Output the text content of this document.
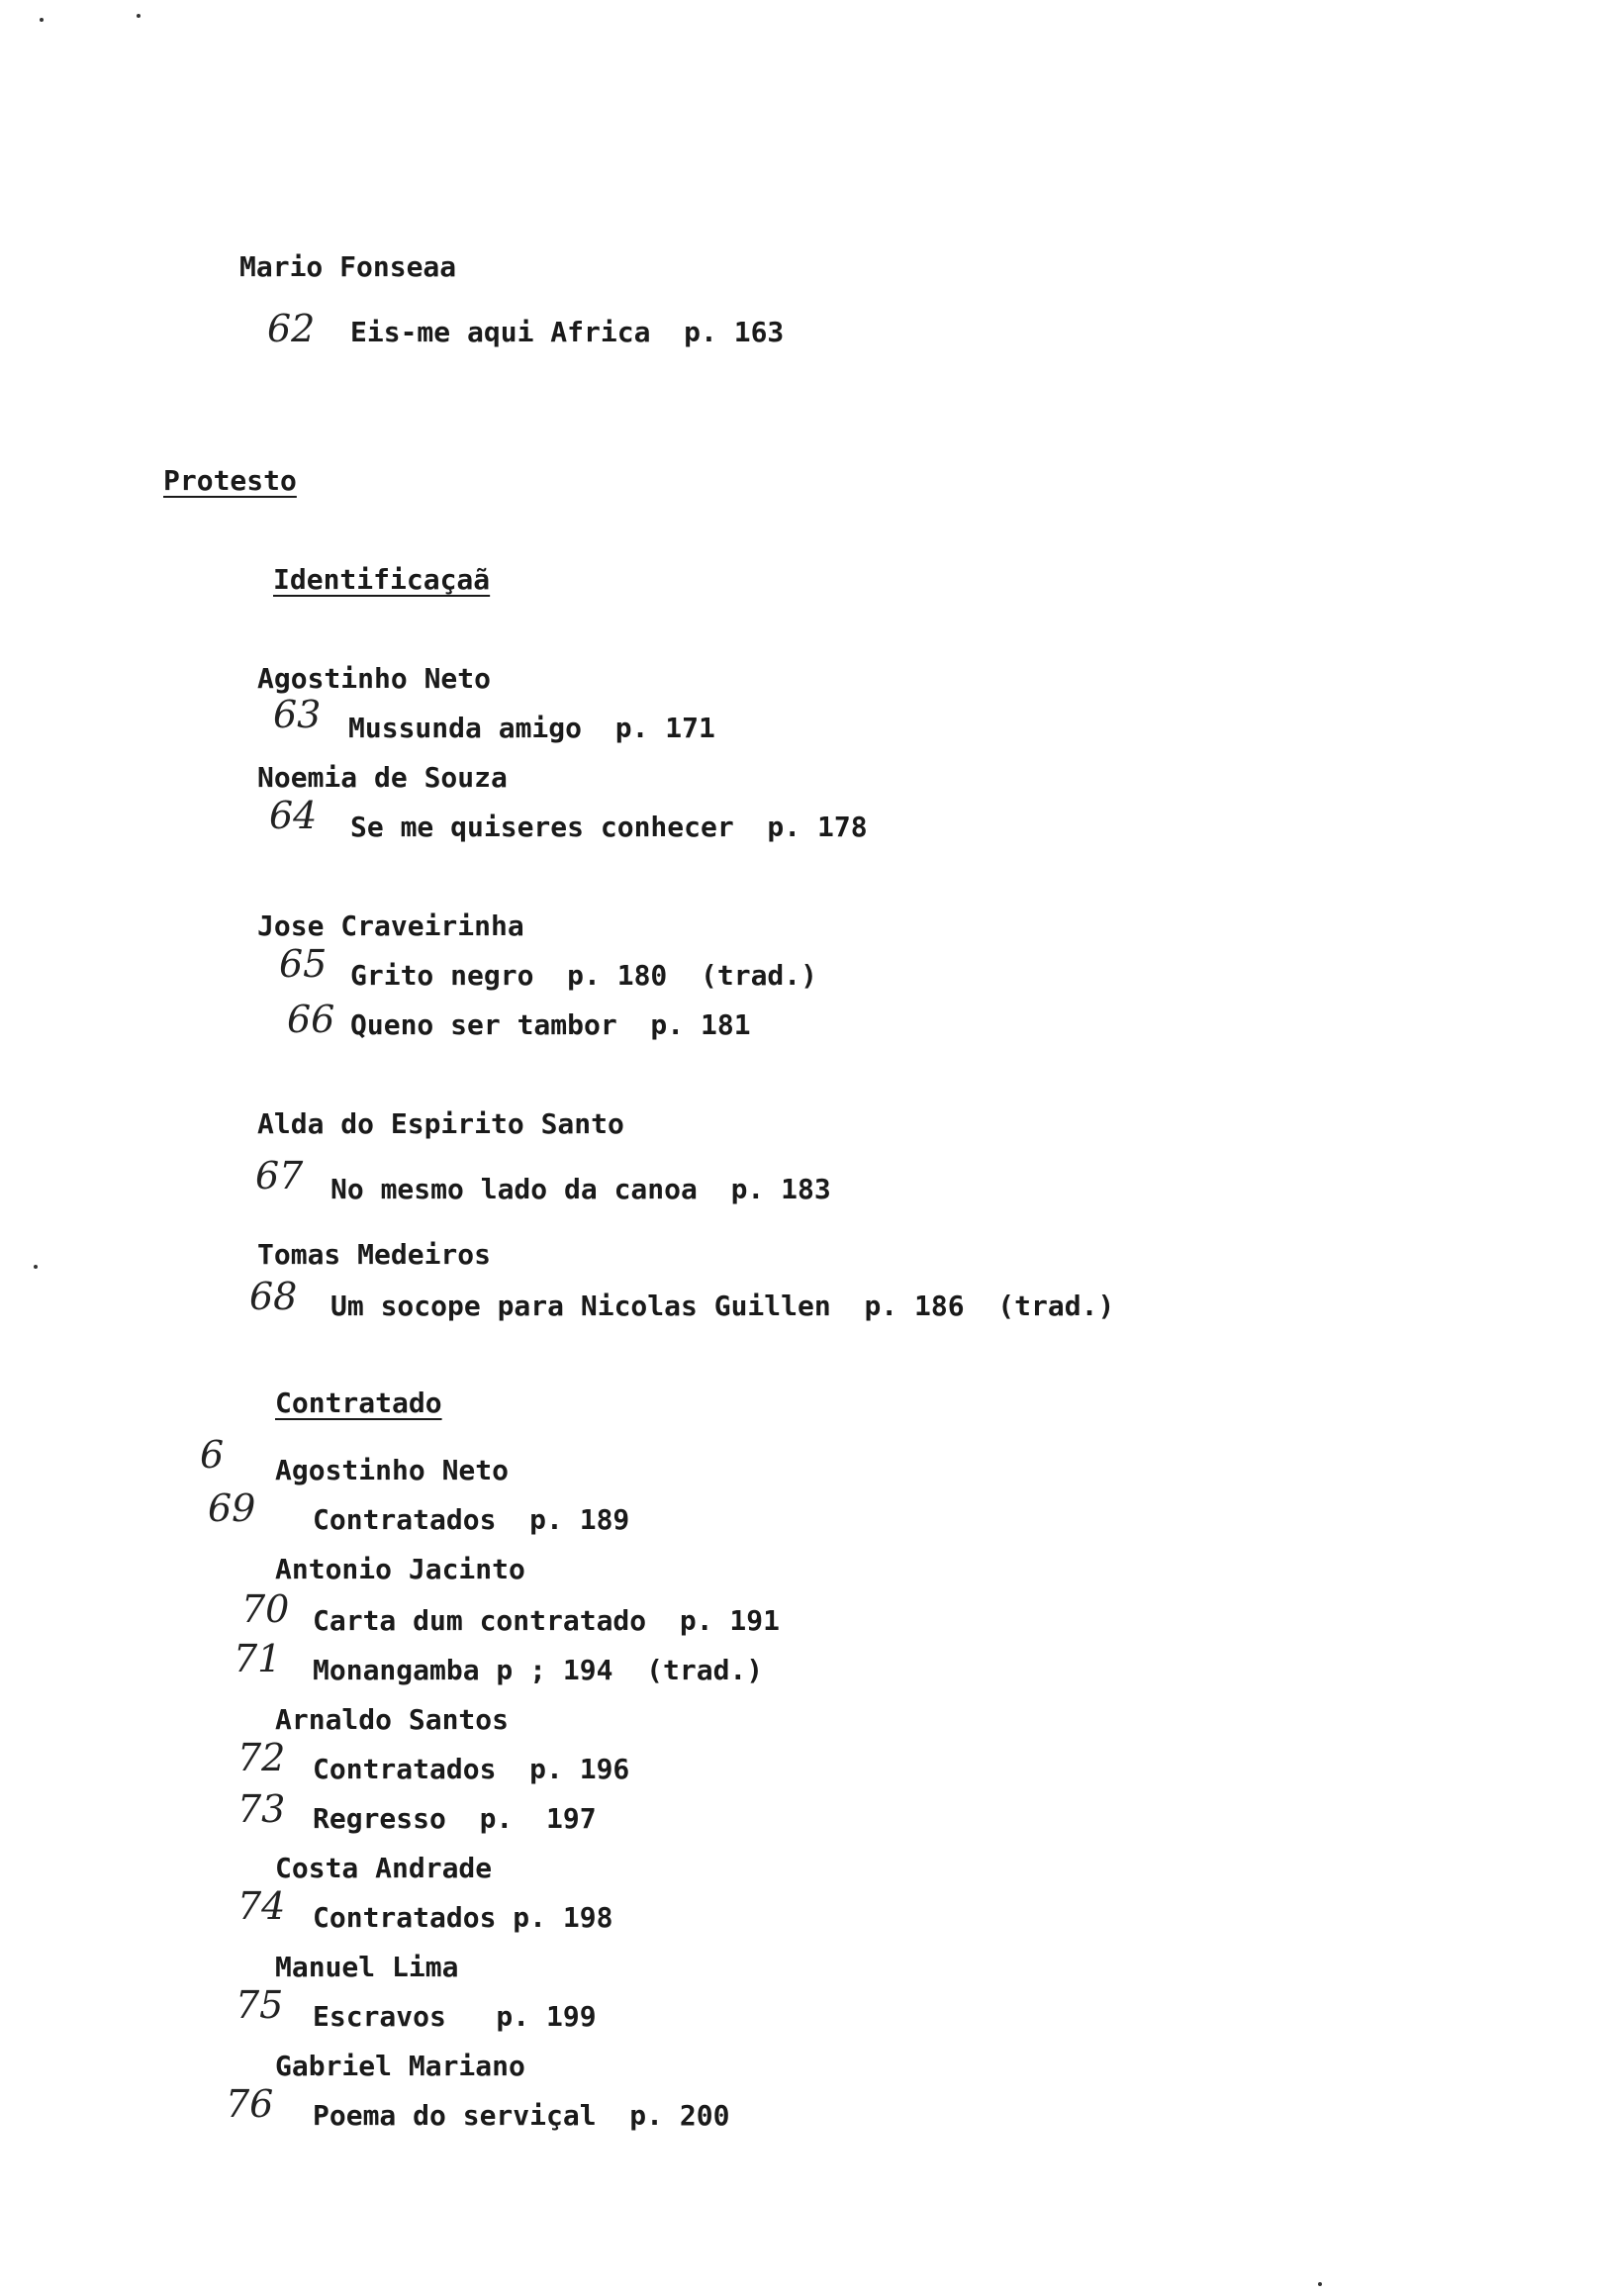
Mario Fonseaa
Eis-me aqui Africa  p. 163
Protesto
Identificaçaã
Agostinho Neto
Mussunda amigo  p. 171
Noemia de Souza
Se me quiseres conhecer  p. 178
Jose Craveirinha
Grito negro  p. 180  (trad.)
Queno ser tambor  p. 181
Alda do Espirito Santo
No mesmo lado da canoa  p. 183
Tomas Medeiros
Um socope para Nicolas Guillen  p. 186  (trad.)
Contratado
Agostinho Neto
Contratados  p. 189
Antonio Jacinto
Carta dum contratado  p. 191
Monangamba p ; 194  (trad.)
Arnaldo Santos
Contratados  p. 196
Regresso  p.  197
Costa Andrade
Contratados p. 198
Manuel Lima
Escravos   p. 199
Gabriel Mariano
Poema do serviçal  p. 200
62
63
64
65
66
67
68
6
69
70
71
72
73
74
75
76
